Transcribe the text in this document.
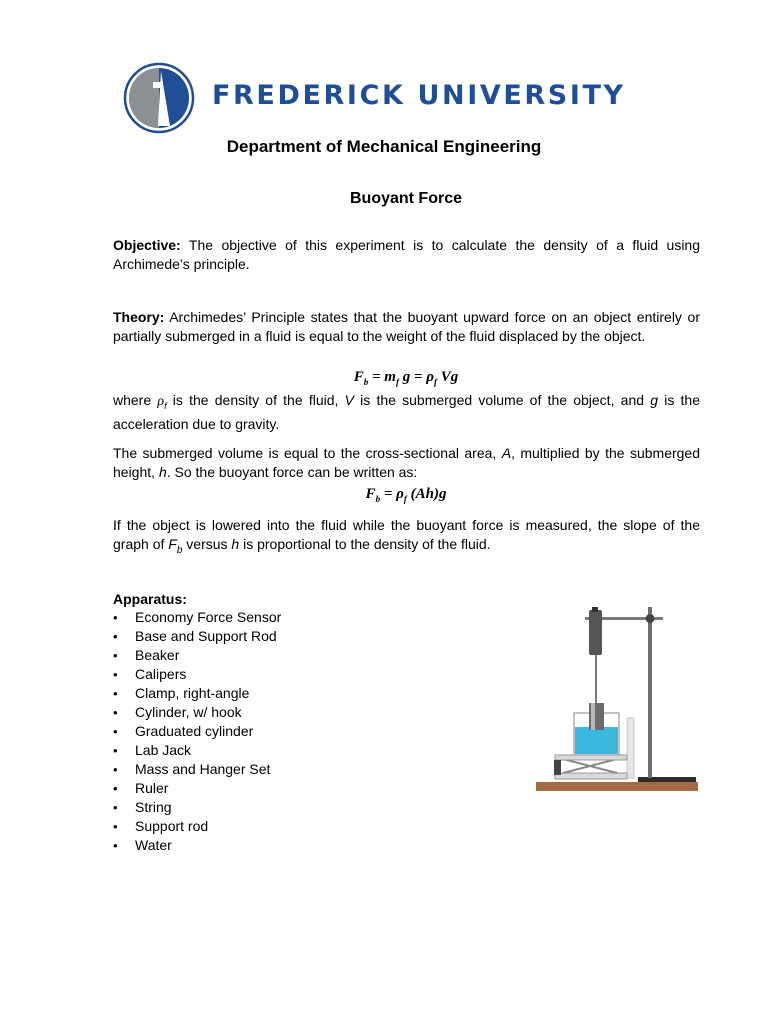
FREDERICK UNIVERSITY
Department of Mechanical Engineering
Buoyant Force
Objective: The objective of this experiment is to calculate the density of a fluid using Archimede’s principle.
Theory: Archimedes’ Principle states that the buoyant upward force on an object entirely or partially submerged in a fluid is equal to the weight of the fluid displaced by the object.
$F_b = m_f$ $g = \rho_f$ Vg
where $\rho_f$ is the density of the fluid, V is the submerged volume of the object, and g is the acceleration due to gravity.
The submerged volume is equal to the cross-sectional area, A, multiplied by the submerged height, h. So the buoyant force can be written as:
$F_b = \rho_f$ (Ah)g
If the object is lowered into the fluid while the buoyant force is measured, the slope of the graph of $F_b$ versus h is proportional to the density of the fluid.
Apparatus:
• Economy Force Sensor
• Base and Support Rod
• Beaker
• Calipers
• Clamp, right-angle
• Cylinder, w/ hook
• Graduated cylinder
• Lab Jack
• Mass and Hanger Set
• Ruler
• String
• Support rod
• Water
